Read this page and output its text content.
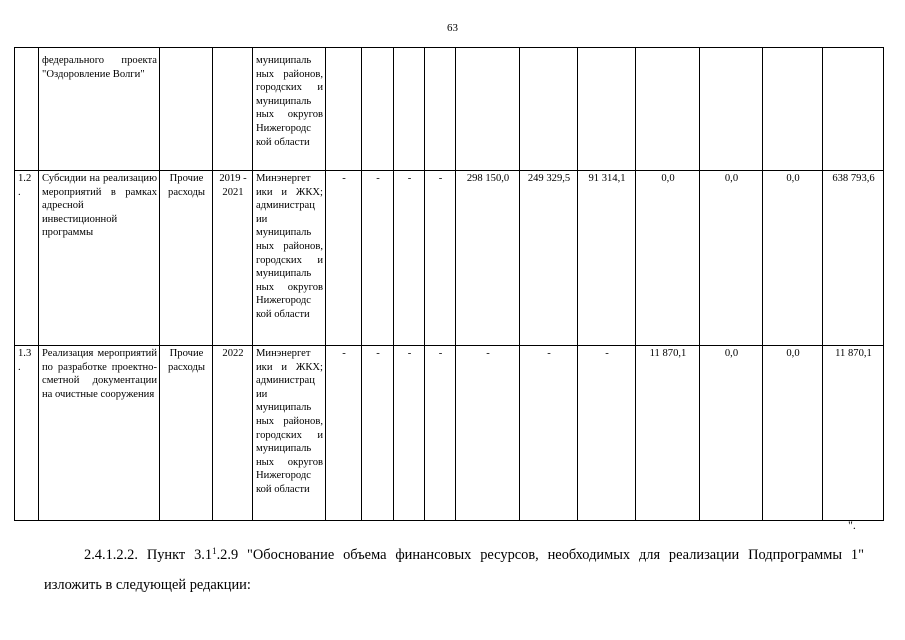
63
	федерального проекта "Оздоровление Волги"			муниципаль ных районов, городских и муниципаль ных округов Нижегородс кой области											
1.2 .	Субсидии на реализацию мероприятий в рамках адресной инвестиционной программы	Прочие расходы	2019 - 2021	Минэнергет ики и ЖКХ; администрац ии муниципаль ных районов, городских и муниципаль ных округов Нижегородс кой области	-	-	-	-	298 150,0	249 329,5	91 314,1	0,0	0,0	0,0	638 793,6
1.3 .	Реализация мероприятий по разработке проектно-сметной документации на очистные сооружения	Прочие расходы	2022	Минэнергет ики и ЖКХ; администрац ии муниципаль ных районов, городских и муниципаль ных округов Нижегородс кой области	-	-	-	-	-	-	-	11 870,1	0,0	0,0	11 870,1
".
2.4.1.2.2. Пункт $3.1^1.2.9$ "Обоснование объема финансовых ресурсов, необходимых для реализации Подпрограммы 1" изложить в следующей редакции:
